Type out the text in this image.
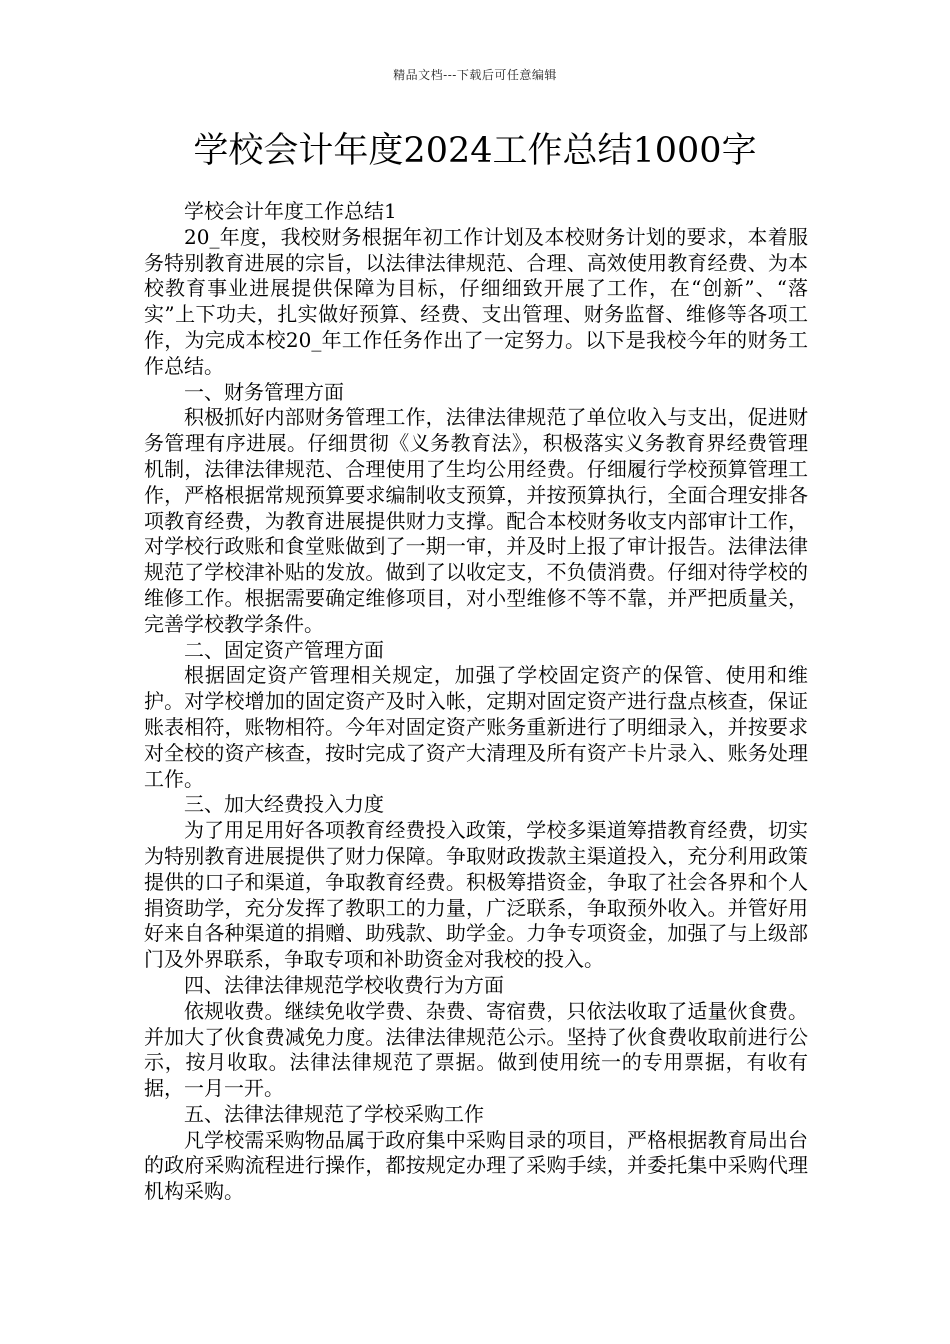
精品文档---下载后可任意编辑
学校会计年度2024工作总结1000字

学校会计年度工作总结1

20_年度，我校财务根据年初工作计划及本校财务计划的要求，本着服务特别教育进展的宗旨，以法律法律规范、合理、高效使用教育经费、为本校教育事业进展提供保障为目标，仔细细致开展了工作，在“创新”、“落实”上下功夫，扎实做好预算、经费、支出管理、财务监督、维修等各项工作，为完成本校20_年工作任务作出了一定努力。以下是我校今年的财务工作总结。

一、财务管理方面

积极抓好内部财务管理工作，法律法律规范了单位收入与支出，促进财务管理有序进展。仔细贯彻《义务教育法》，积极落实义务教育界经费管理机制，法律法律规范、合理使用了生均公用经费。仔细履行学校预算管理工作，严格根据常规预算要求编制收支预算，并按预算执行，全面合理安排各项教育经费，为教育进展提供财力支撑。配合本校财务收支内部审计工作，对学校行政账和食堂账做到了一期一审，并及时上报了审计报告。法律法律规范了学校津补贴的发放。做到了以收定支，不负债消费。仔细对待学校的维修工作。根据需要确定维修项目，对小型维修不等不靠，并严把质量关，完善学校教学条件。

二、固定资产管理方面

根据固定资产管理相关规定，加强了学校固定资产的保管、使用和维护。对学校增加的固定资产及时入帐，定期对固定资产进行盘点核查，保证账表相符，账物相符。今年对固定资产账务重新进行了明细录入，并按要求对全校的资产核查，按时完成了资产大清理及所有资产卡片录入、账务处理工作。

三、加大经费投入力度

为了用足用好各项教育经费投入政策，学校多渠道筹措教育经费，切实为特别教育进展提供了财力保障。争取财政拨款主渠道投入，充分利用政策提供的口子和渠道，争取教育经费。积极筹措资金，争取了社会各界和个人捐资助学，充分发挥了教职工的力量，广泛联系，争取预外收入。并管好用好来自各种渠道的捐赠、助残款、助学金。力争专项资金，加强了与上级部门及外界联系，争取专项和补助资金对我校的投入。

四、法律法律规范学校收费行为方面

依规收费。继续免收学费、杂费、寄宿费，只依法收取了适量伙食费。并加大了伙食费减免力度。法律法律规范公示。坚持了伙食费收取前进行公示，按月收取。法律法律规范了票据。做到使用统一的专用票据，有收有据，一月一开。

五、法律法律规范了学校采购工作

凡学校需采购物品属于政府集中采购目录的项目，严格根据教育局出台的政府采购流程进行操作，都按规定办理了采购手续，并委托集中采购代理机构采购。
